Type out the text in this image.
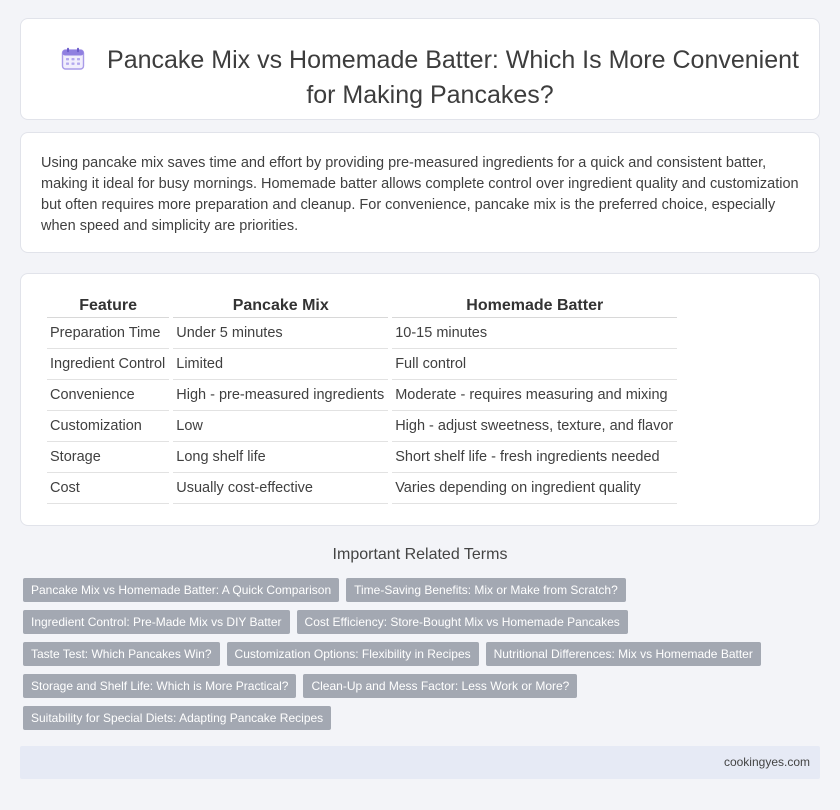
Pancake Mix vs Homemade Batter: Which Is More Convenient for Making Pancakes?

Using pancake mix saves time and effort by providing pre-measured ingredients for a quick and consistent batter, making it ideal for busy mornings. Homemade batter allows complete control over ingredient quality and customization but often requires more preparation and cleanup. For convenience, pancake mix is the preferred choice, especially when speed and simplicity are priorities.

Feature	Pancake Mix	Homemade Batter
Preparation Time	Under 5 minutes	10-15 minutes
Ingredient Control	Limited	Full control
Convenience	High - pre-measured ingredients	Moderate - requires measuring and mixing
Customization	Low	High - adjust sweetness, texture, and flavor
Storage	Long shelf life	Short shelf life - fresh ingredients needed
Cost	Usually cost-effective	Varies depending on ingredient quality
Important Related Terms
Pancake Mix vs Homemade Batter: A Quick Comparison	Time-Saving Benefits: Mix or Make from Scratch?
Ingredient Control: Pre-Made Mix vs DIY Batter	Cost Efficiency: Store-Bought Mix vs Homemade Pancakes
Taste Test: Which Pancakes Win?	Customization Options: Flexibility in Recipes	Nutritional Differences: Mix vs Homemade Batter
Storage and Shelf Life: Which is More Practical?	Clean-Up and Mess Factor: Less Work or More?
Suitability for Special Diets: Adapting Pancake Recipes
cookingyes.com
